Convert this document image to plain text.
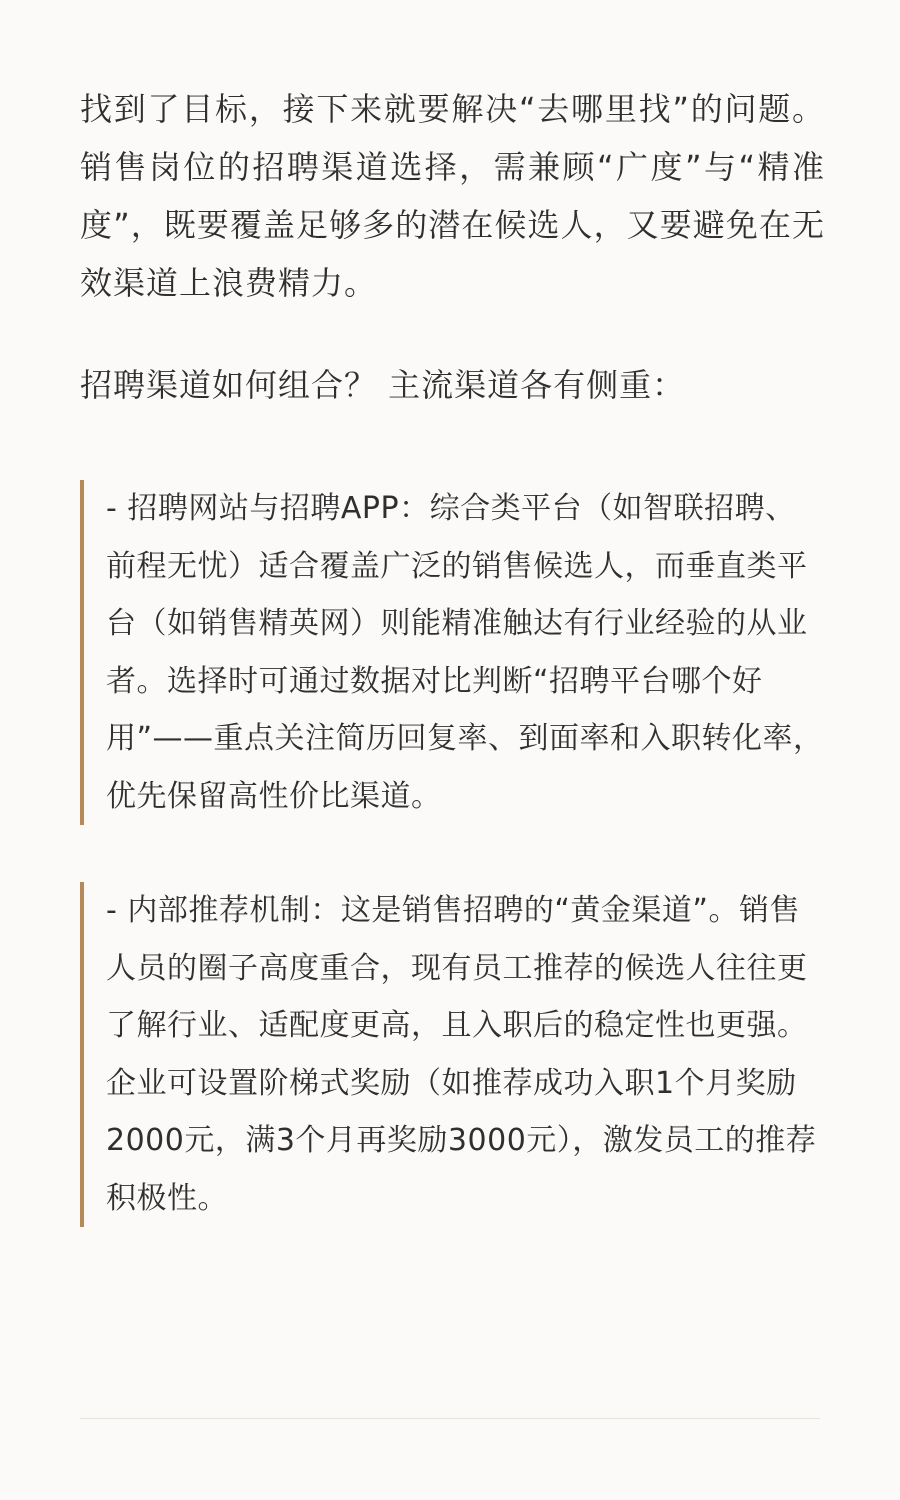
找到了目标，接下来就要解决“去哪里找”的问题。销售岗位的招聘渠道选择，需兼顾“广度”与“精准度”，既要覆盖足够多的潜在候选人，又要避免在无效渠道上浪费精力。

招聘渠道如何组合？ 主流渠道各有侧重：

- 招聘网站与招聘APP：综合类平台（如智联招聘、前程无忧）适合覆盖广泛的销售候选人，而垂直类平台（如销售精英网）则能精准触达有行业经验的从业者。选择时可通过数据对比判断“招聘平台哪个好用”——重点关注简历回复率、到面率和入职转化率，优先保留高性价比渠道。

- 内部推荐机制：这是销售招聘的“黄金渠道”。销售人员的圈子高度重合，现有员工推荐的候选人往往更了解行业、适配度更高，且入职后的稳定性也更强。企业可设置阶梯式奖励（如推荐成功入职1个月奖励2000元，满3个月再奖励3000元），激发员工的推荐积极性。
